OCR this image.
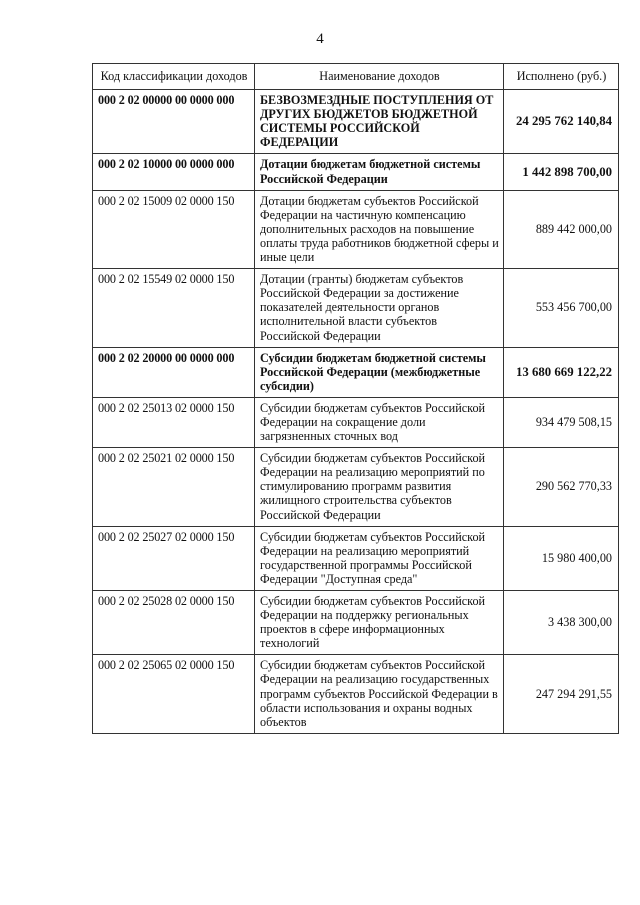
4
Код классификации доходов	Наименование доходов	Исполнено (руб.)
000 2 02 00000 00 0000 000	БЕЗВОЗМЕЗДНЫЕ ПОСТУПЛЕНИЯ ОТ ДРУГИХ БЮДЖЕТОВ БЮДЖЕТНОЙ СИСТЕМЫ РОССИЙСКОЙ ФЕДЕРАЦИИ	24 295 762 140,84
000 2 02 10000 00 0000 000	Дотации бюджетам бюджетной системы Российской Федерации	1 442 898 700,00
000 2 02 15009 02 0000 150	Дотации бюджетам субъектов Российской Федерации на частичную компенсацию дополнительных расходов на повышение оплаты труда работников бюджетной сферы и иные цели	889 442 000,00
000 2 02 15549 02 0000 150	Дотации (гранты) бюджетам субъектов Российской Федерации за достижение показателей деятельности органов исполнительной власти субъектов Российской Федерации	553 456 700,00
000 2 02 20000 00 0000 000	Субсидии бюджетам бюджетной системы Российской Федерации (межбюджетные субсидии)	13 680 669 122,22
000 2 02 25013 02 0000 150	Субсидии бюджетам субъектов Российской Федерации на сокращение доли загрязненных сточных вод	934 479 508,15
000 2 02 25021 02 0000 150	Субсидии бюджетам субъектов Российской Федерации на реализацию мероприятий по стимулированию программ развития жилищного строительства субъектов Российской Федерации	290 562 770,33
000 2 02 25027 02 0000 150	Субсидии бюджетам субъектов Российской Федерации на реализацию мероприятий государственной программы Российской Федерации "Доступная среда"	15 980 400,00
000 2 02 25028 02 0000 150	Субсидии бюджетам субъектов Российской Федерации на поддержку региональных проектов в сфере информационных технологий	3 438 300,00
000 2 02 25065 02 0000 150	Субсидии бюджетам субъектов Российской Федерации на реализацию государственных программ субъектов Российской Федерации в области использования и охраны водных объектов	247 294 291,55
